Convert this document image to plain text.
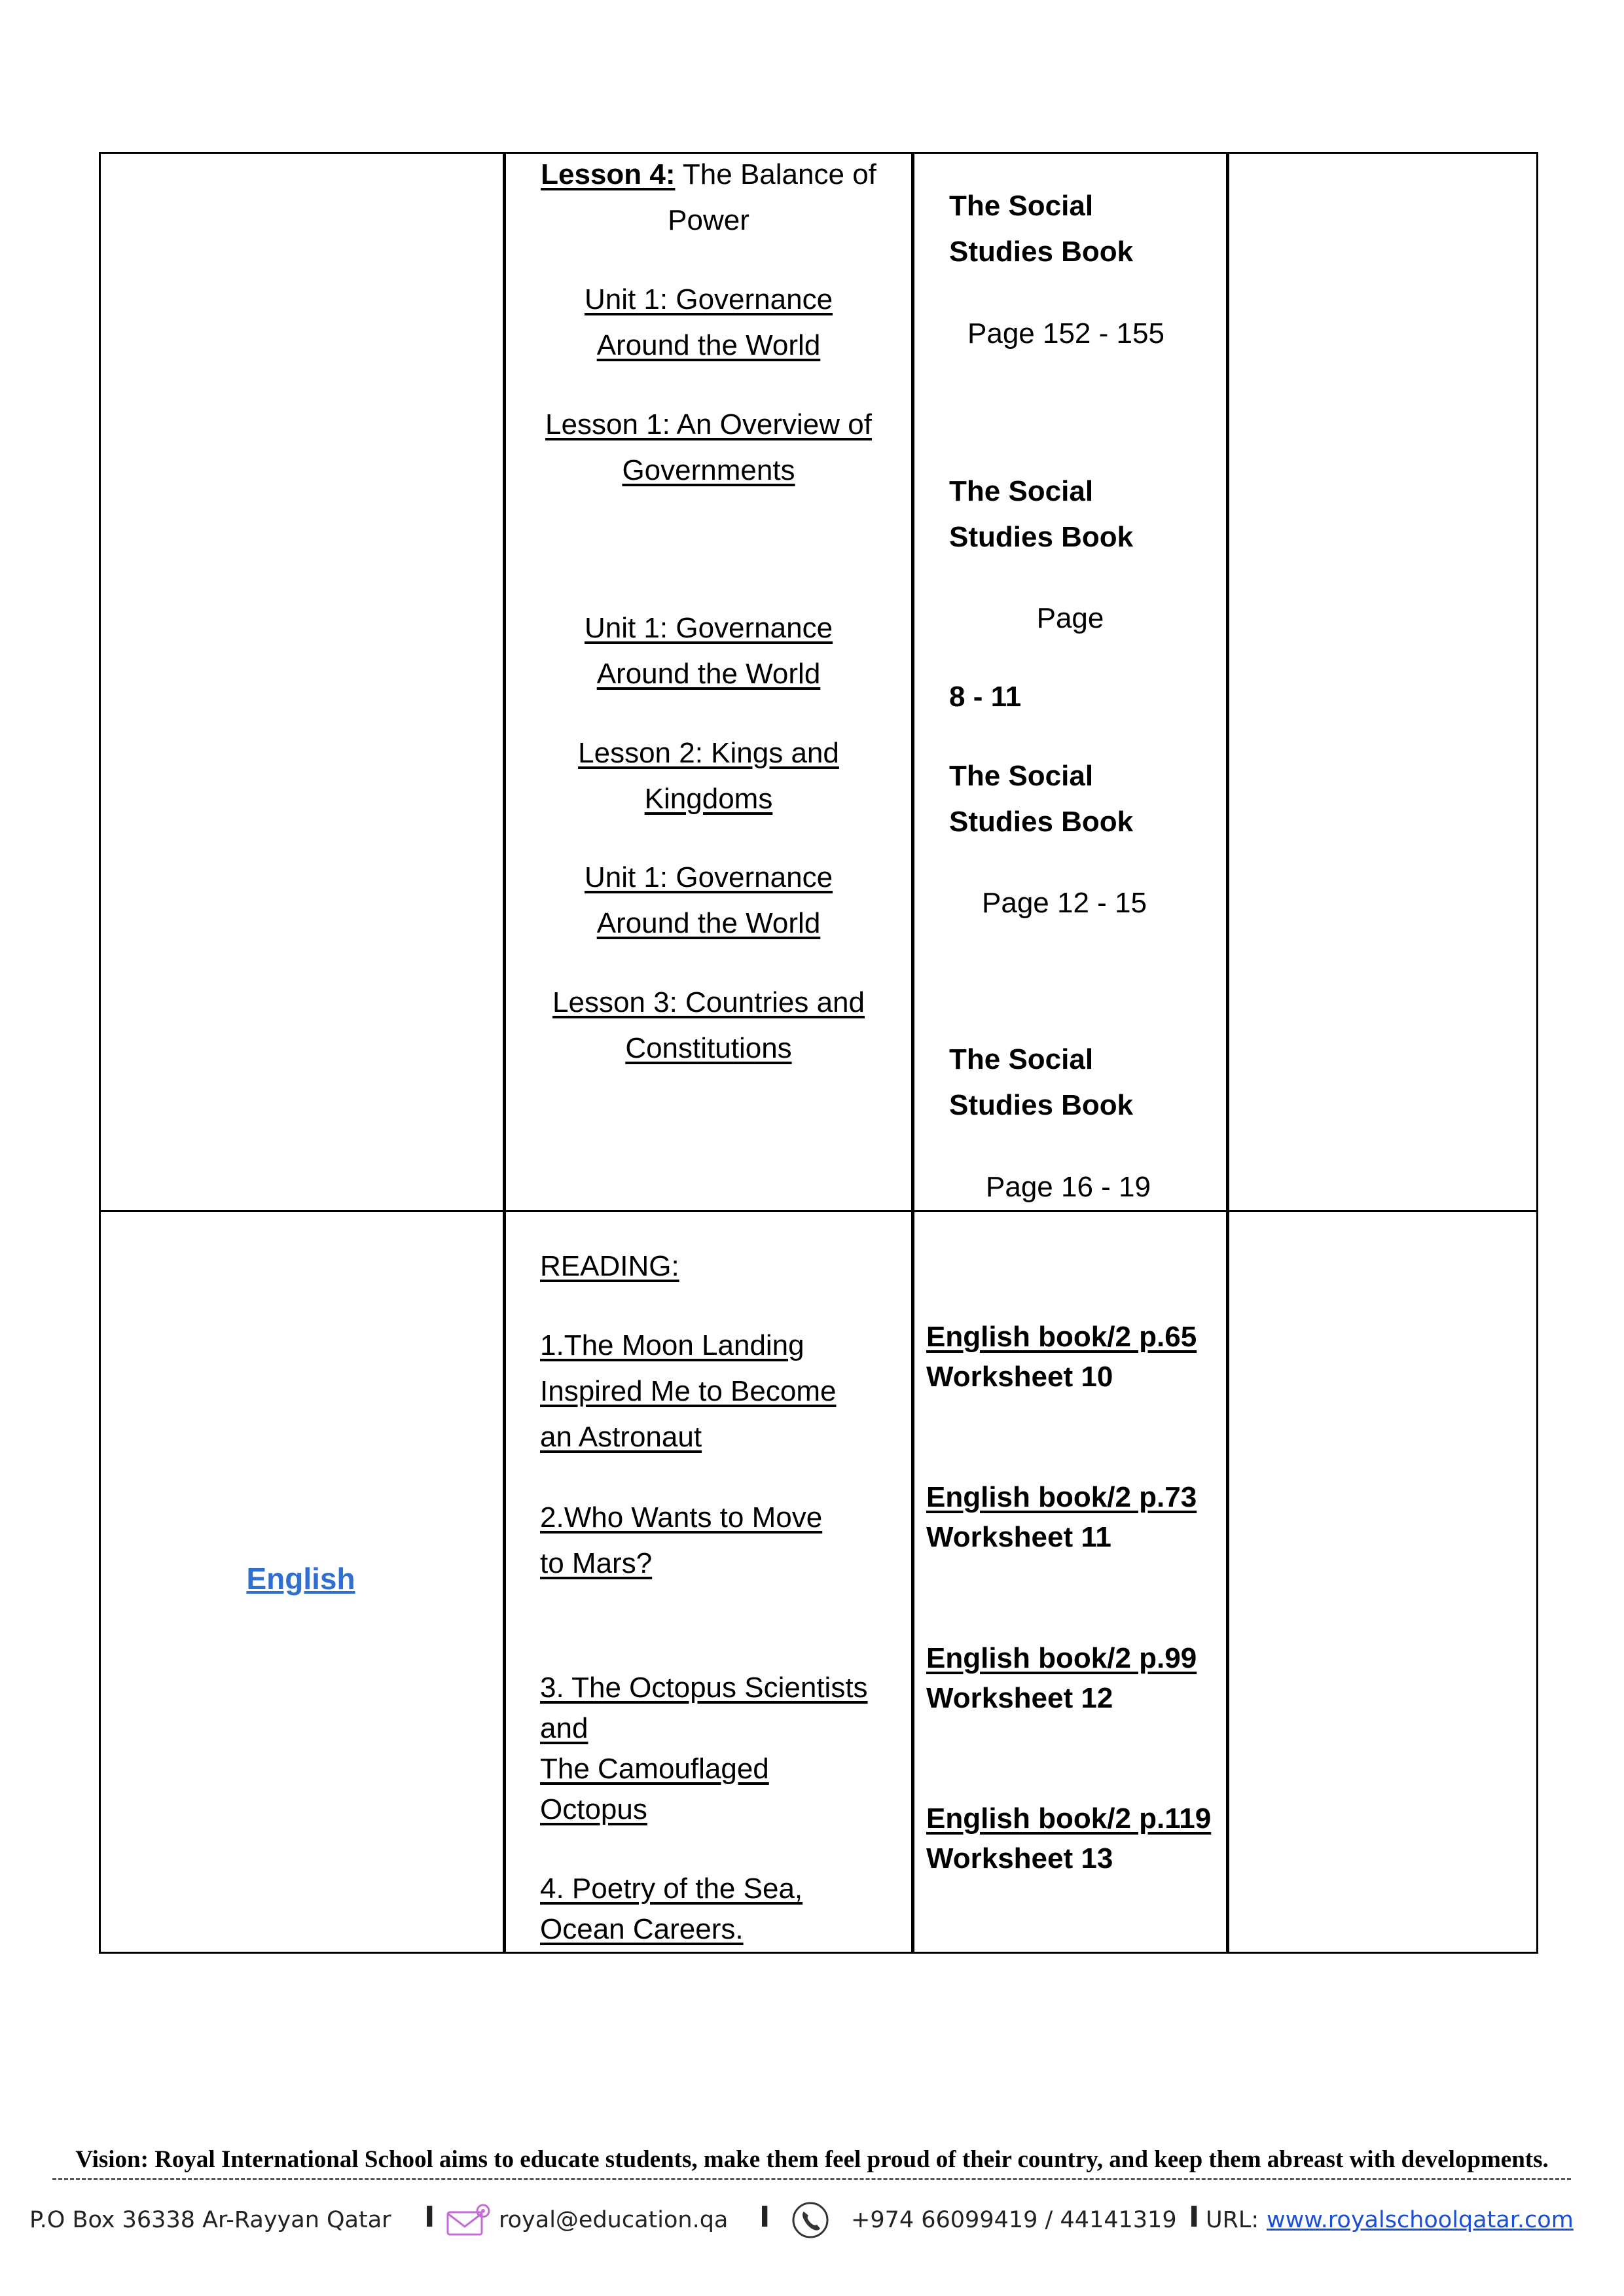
Lesson 4: The Balance of
Power
Unit 1: Governance
Around the World
Lesson 1: An Overview of
Governments
Unit 1: Governance
Around the World
Lesson 2: Kings and
Kingdoms
Unit 1: Governance
Around the World
Lesson 3: Countries and
Constitutions
The Social
Studies Book
Page 152 - 155
The Social
Studies Book
Page
8 - 11
The Social
Studies Book
Page 12 - 15
The Social
Studies Book
Page 16 - 19
English
READING:
1.The Moon Landing
Inspired Me to Become
an Astronaut
2.Who Wants to Move
to Mars?
3. The Octopus Scientists
and
The Camouflaged
Octopus
4. Poetry of the Sea,
Ocean Careers.
English book/2 p.65
Worksheet 10
English book/2 p.73
Worksheet 11
English book/2 p.99
Worksheet 12
English book/2 p.119
Worksheet 13
Vision: Royal International School aims to educate students, make them feel proud of their country, and keep them abreast with developments.
P.O Box 36338 Ar-Rayyan Qatar I	royal@education.qa I	+974 66099419 / 44141319 I URL: www.royalschoolqatar.com
